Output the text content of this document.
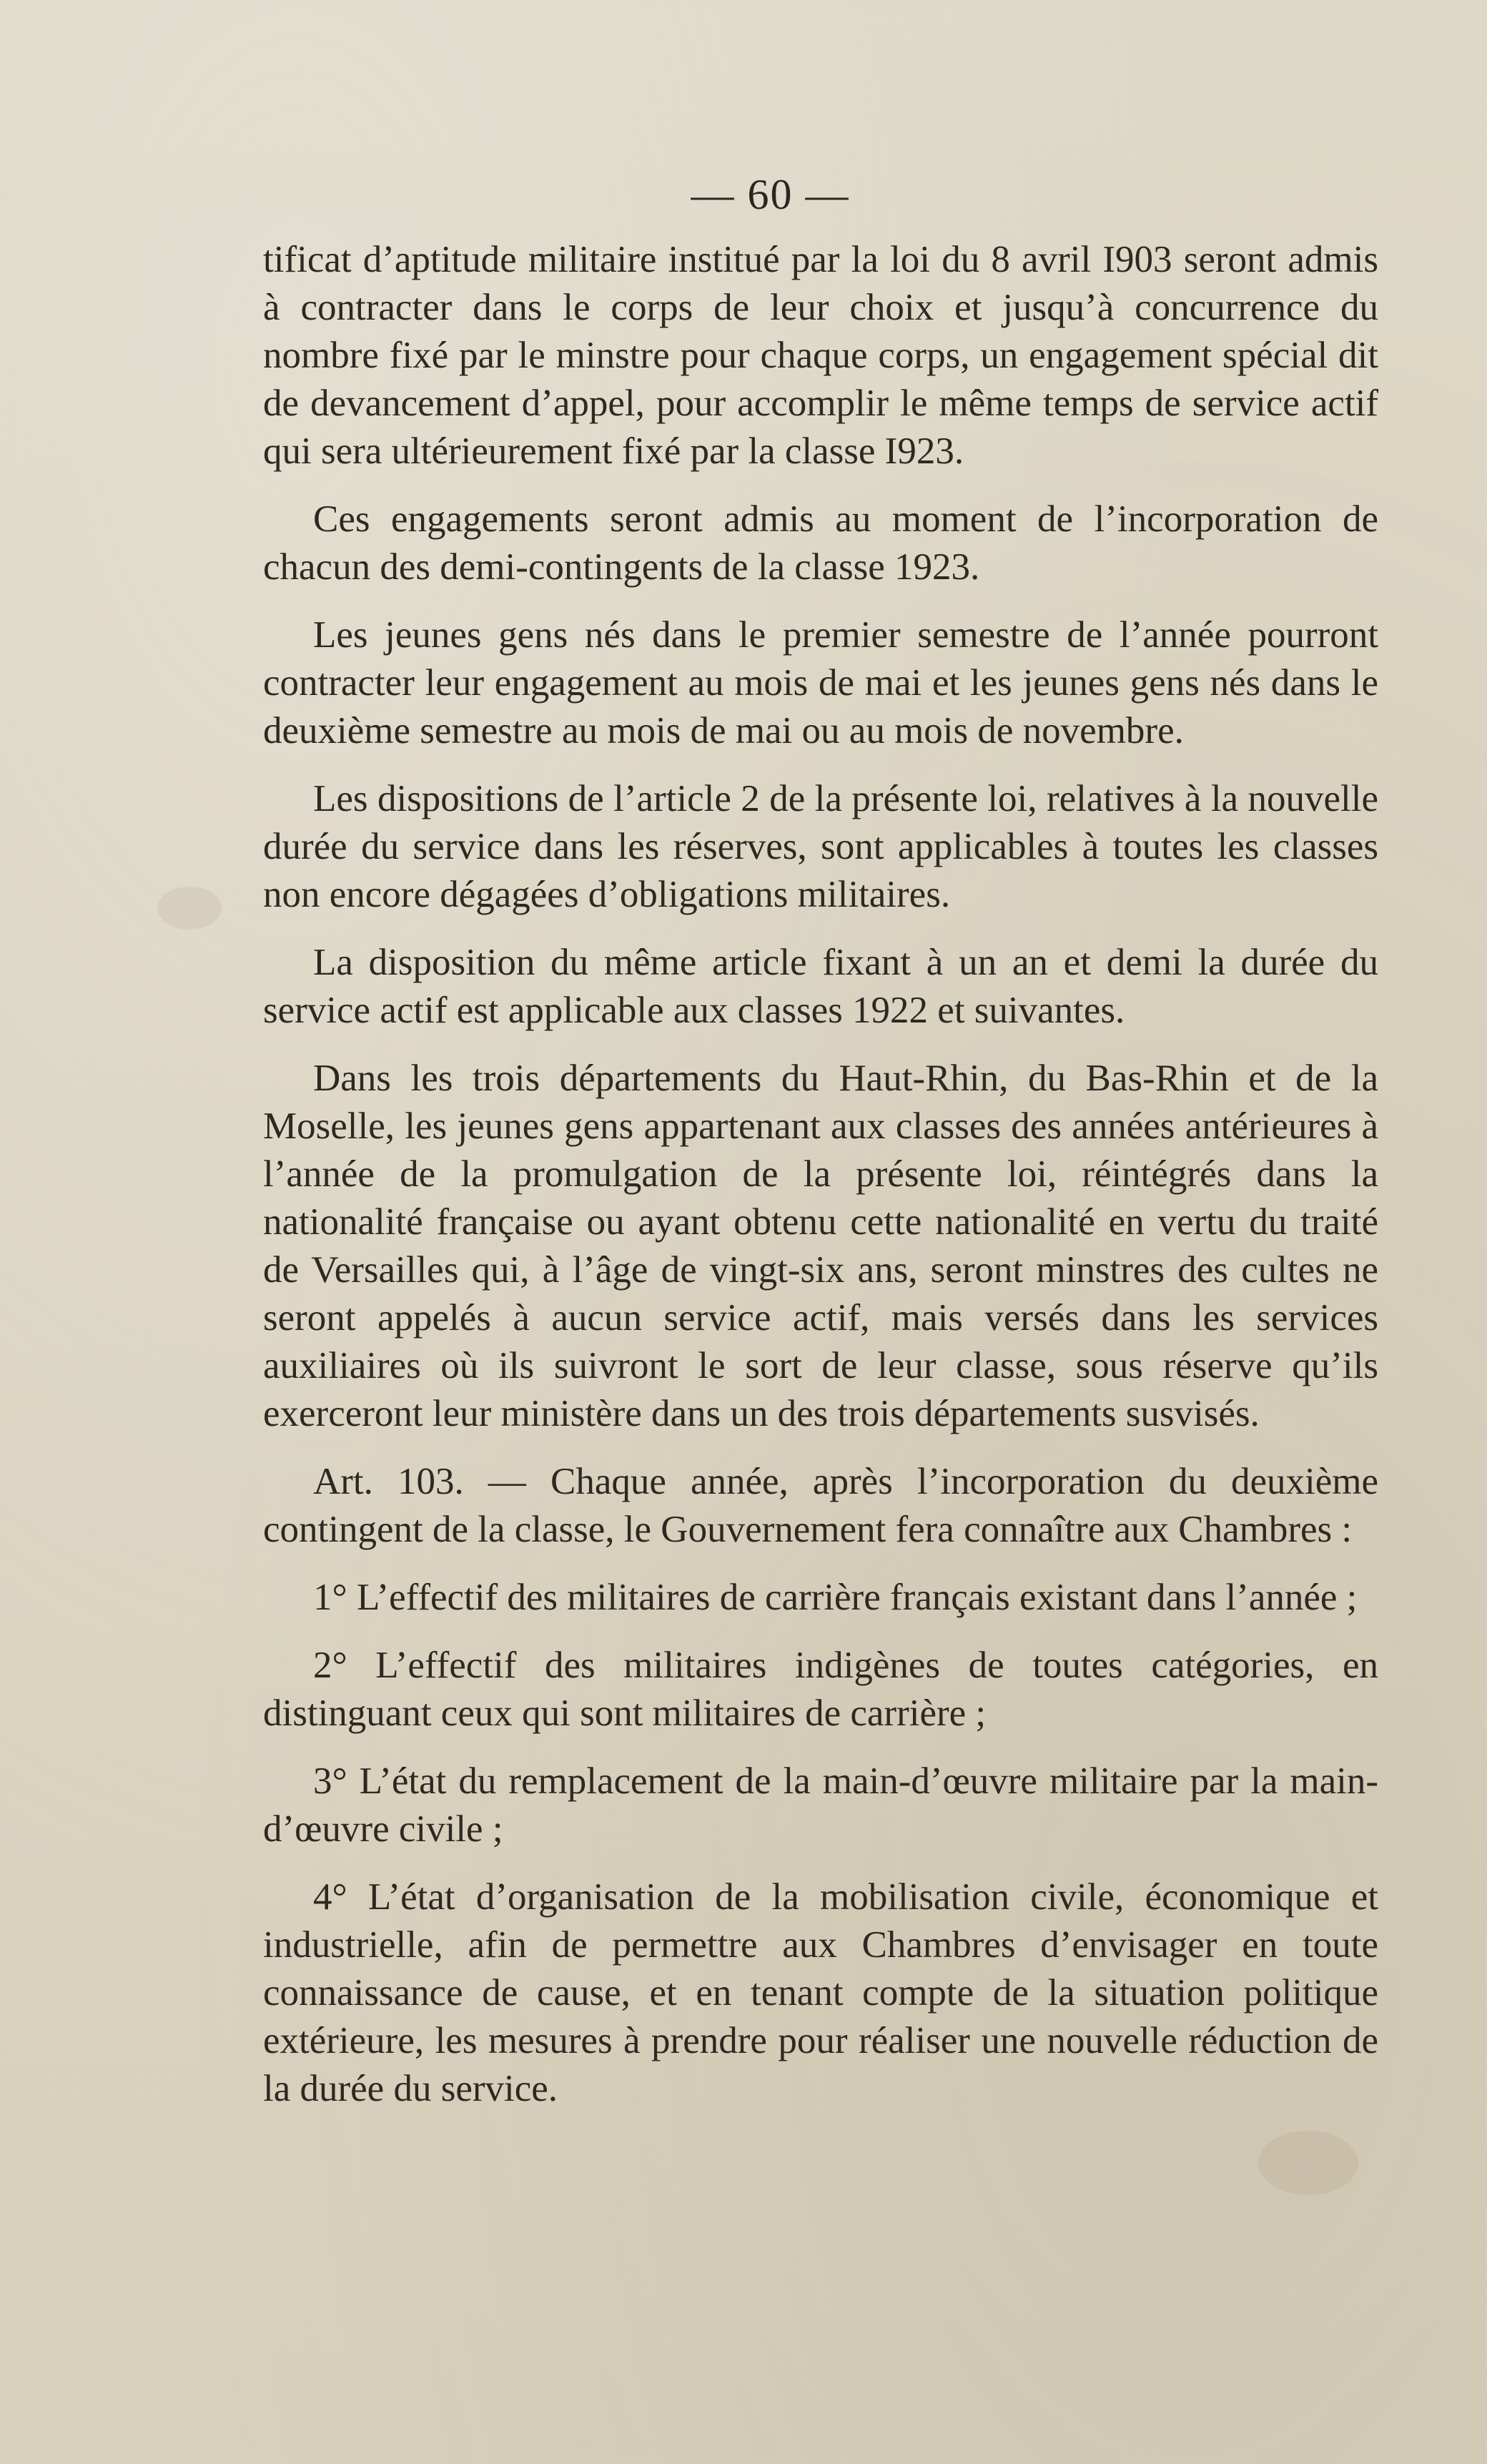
— 60 —

tificat d’aptitude militaire institué par la loi du 8 avril I903 seront admis à contracter dans le corps de leur choix et jusqu’à concurrence du nombre fixé par le minstre pour chaque corps, un engagement spécial dit de devancement d’appel, pour accomplir le même temps de service actif qui sera ultérieurement fixé par la classe I923.

Ces engagements seront admis au moment de l’incorporation de chacun des demi-contingents de la classe 1923.

Les jeunes gens nés dans le premier semestre de l’année pourront contracter leur engagement au mois de mai et les jeunes gens nés dans le deuxième semestre au mois de mai ou au mois de novembre.

Les dispositions de l’article 2 de la présente loi, relatives à la nouvelle durée du service dans les réserves, sont applicables à toutes les classes non encore dégagées d’obligations militaires.

La disposition du même article fixant à un an et demi la durée du service actif est applicable aux classes 1922 et suivantes.

Dans les trois départements du Haut-Rhin, du Bas-Rhin et de la Moselle, les jeunes gens appartenant aux classes des années antérieures à l’année de la promulgation de la présente loi, réintégrés dans la nationalité française ou ayant obtenu cette nationalité en vertu du traité de Versailles qui, à l’âge de vingt-six ans, seront minstres des cultes ne seront appelés à aucun service actif, mais versés dans les services auxiliaires où ils suivront le sort de leur classe, sous réserve qu’ils exerceront leur ministère dans un des trois départements susvisés.

Art. 103. — Chaque année, après l’incorporation du deuxième contingent de la classe, le Gouvernement fera connaître aux Chambres :

1° L’effectif des militaires de carrière français existant dans l’année ;

2° L’effectif des militaires indigènes de toutes catégories, en distinguant ceux qui sont militaires de carrière ;

3° L’état du remplacement de la main-d’œuvre militaire par la main-d’œuvre civile ;

4° L’état d’organisation de la mobilisation civile, économique et industrielle, afin de permettre aux Chambres d’envisager en toute connaissance de cause, et en tenant compte de la situation politique extérieure, les mesures à prendre pour réaliser une nouvelle réduction de la durée du service.
